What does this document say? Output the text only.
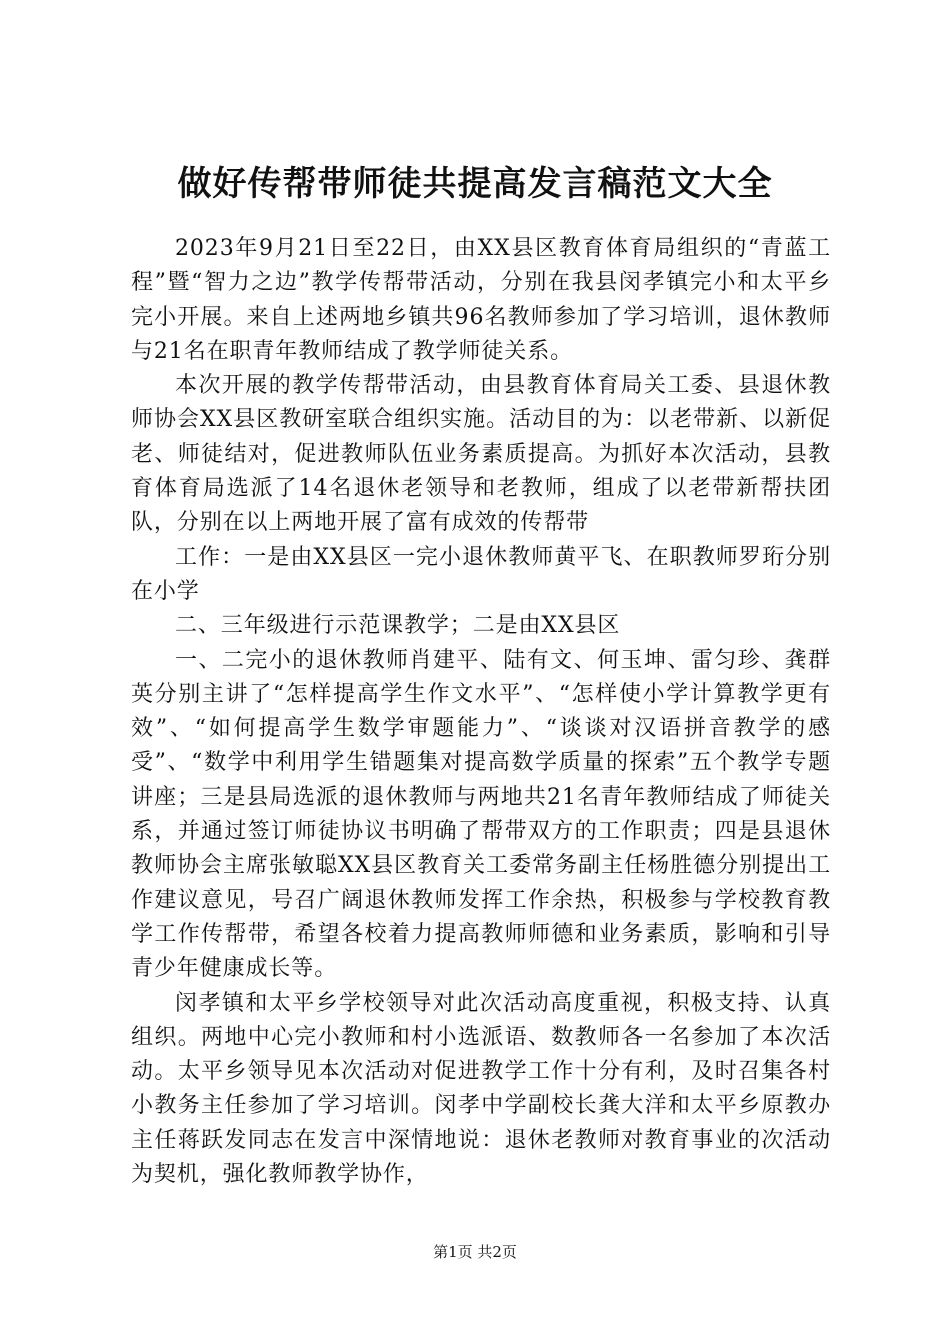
做好传帮带师徒共提高发言稿范文大全

2023年9月21日至22日，由XX县区教育体育局组织的“青蓝工程”暨“智力之边”教学传帮带活动，分别在我县闵孝镇完小和太平乡完小开展。来自上述两地乡镇共96名教师参加了学习培训，退休教师与21名在职青年教师结成了教学师徒关系。

本次开展的教学传帮带活动，由县教育体育局关工委、县退休教师协会XX县区教研室联合组织实施。活动目的为：以老带新、以新促老、师徒结对，促进教师队伍业务素质提高。为抓好本次活动，县教育体育局选派了14名退休老领导和老教师，组成了以老带新帮扶团队，分别在以上两地开展了富有成效的传帮带

工作：一是由XX县区一完小退休教师黄平飞、在职教师罗珩分别在小学

二、三年级进行示范课教学；二是由XX县区

一、二完小的退休教师肖建平、陆有文、何玉坤、雷匀珍、龚群英分别主讲了“怎样提高学生作文水平”、“怎样使小学计算教学更有效”、“如何提高学生数学审题能力”、“谈谈对汉语拼音教学的感受”、“数学中利用学生错题集对提高数学质量的探索”五个教学专题讲座；三是县局选派的退休教师与两地共21名青年教师结成了师徒关系，并通过签订师徒协议书明确了帮带双方的工作职责；四是县退休教师协会主席张敏聪XX县区教育关工委常务副主任杨胜德分别提出工作建议意见，号召广阔退休教师发挥工作余热，积极参与学校教育教学工作传帮带，希望各校着力提高教师师德和业务素质，影响和引导青少年健康成长等。

闵孝镇和太平乡学校领导对此次活动高度重视，积极支持、认真组织。两地中心完小教师和村小选派语、数教师各一名参加了本次活动。太平乡领导见本次活动对促进教学工作十分有利，及时召集各村小教务主任参加了学习培训。闵孝中学副校长龚大洋和太平乡原教办主任蒋跃发同志在发言中深情地说：退休老教师对教育事业的次活动为契机，强化教师教学协作，

第1页 共2页
